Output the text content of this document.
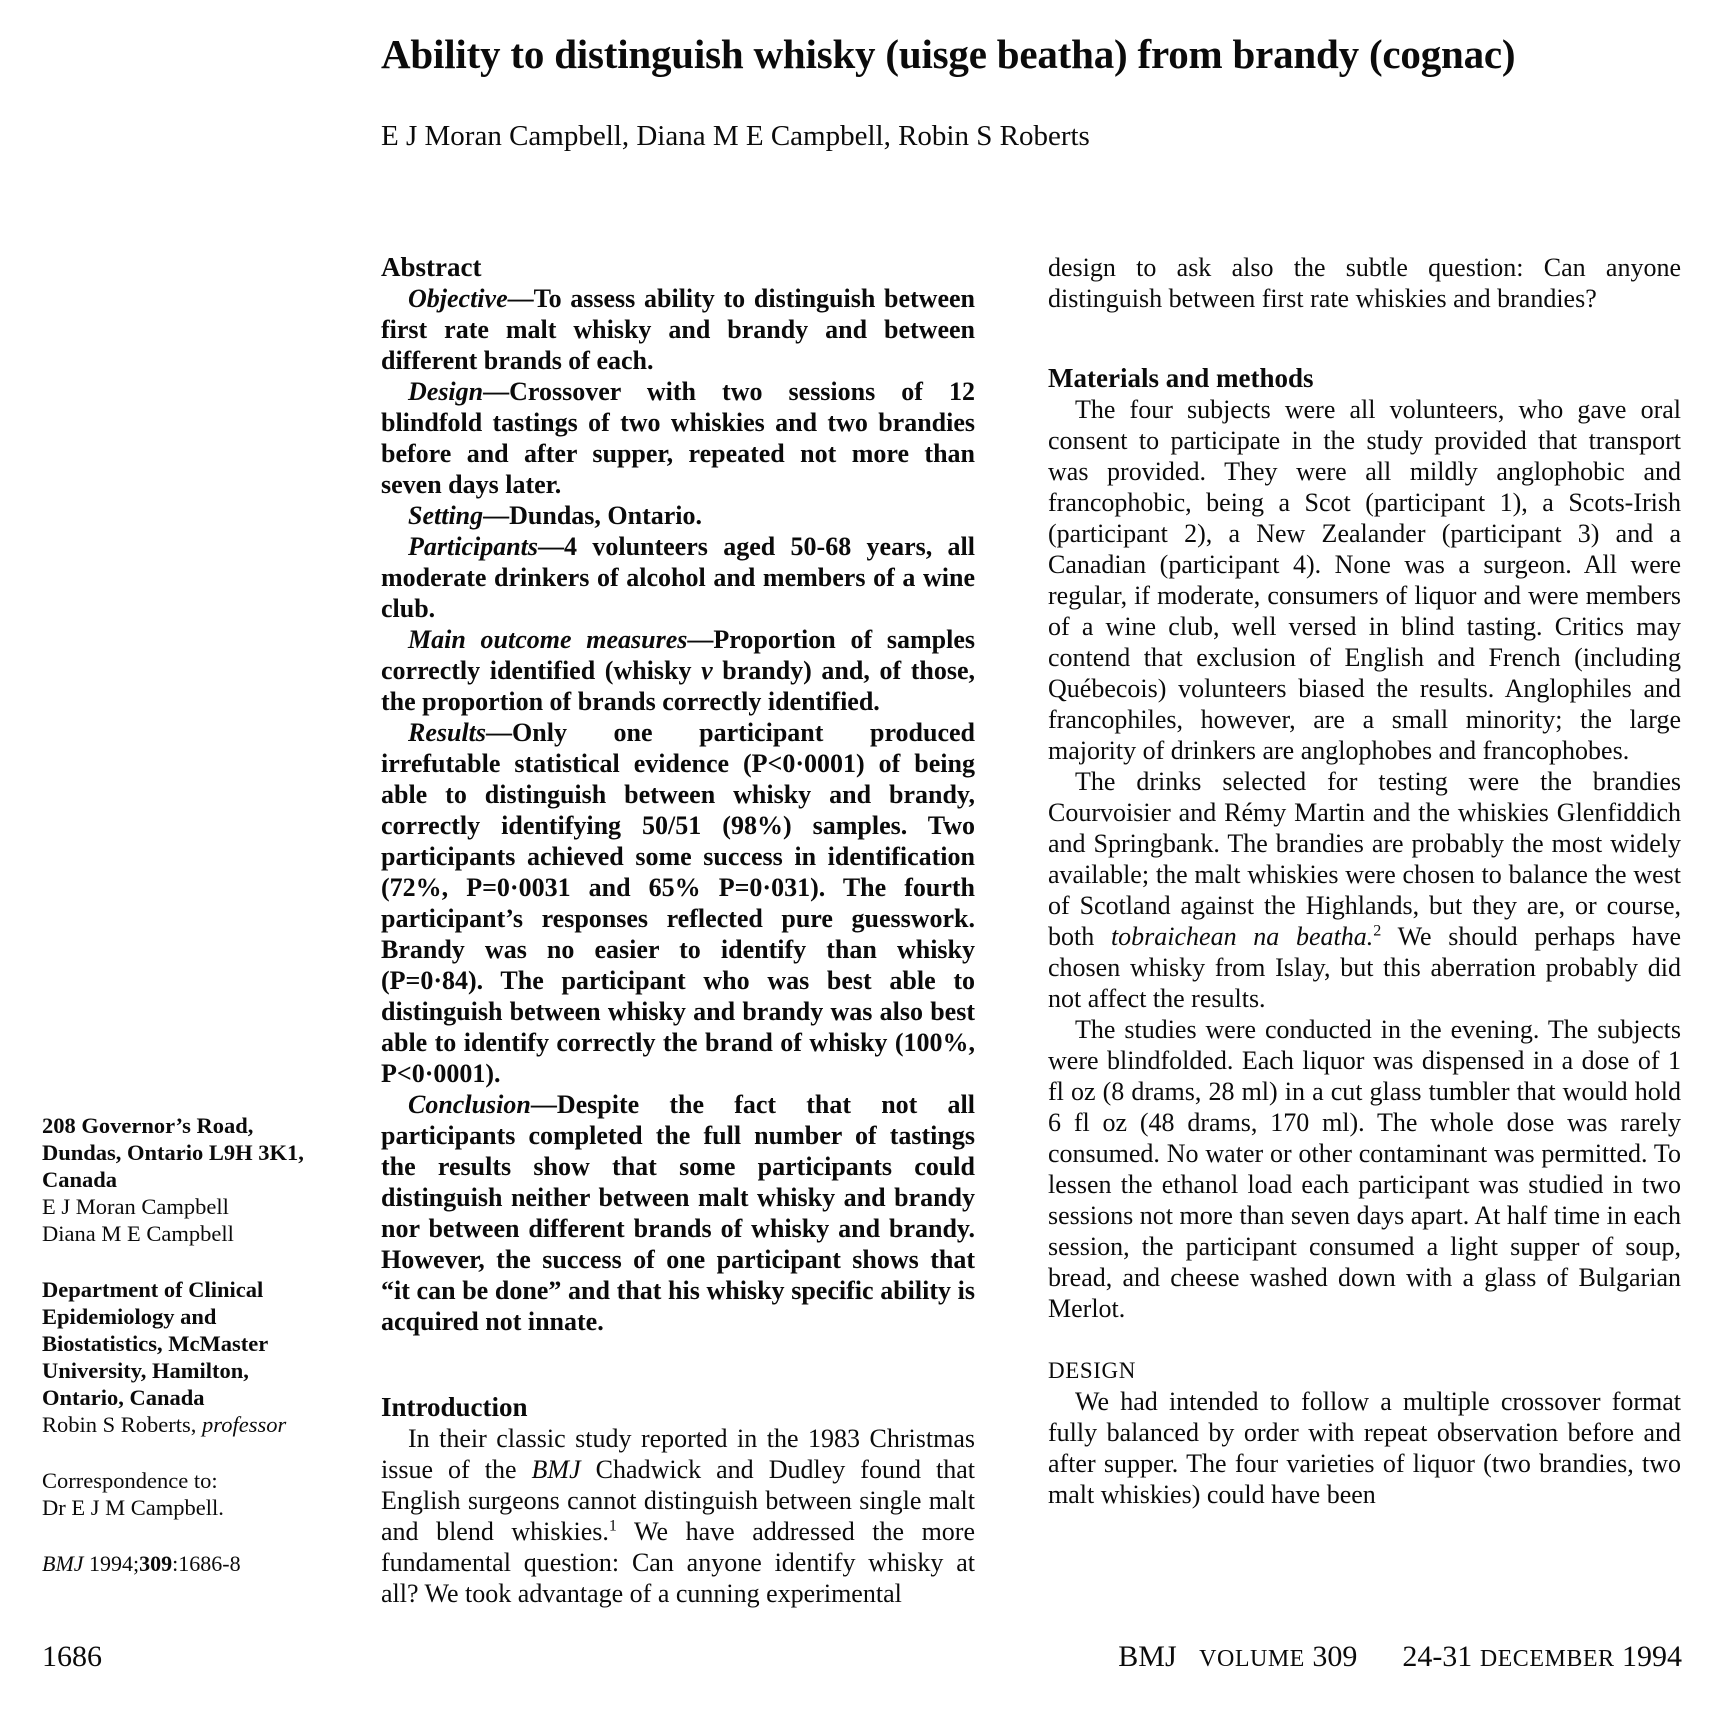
Ability to distinguish whisky (uisge beatha) from brandy (cognac)
E J Moran Campbell, Diana M E Campbell, Robin S Roberts
208 Governor’s Road,
Dundas, Ontario L9H 3K1,
Canada
E J Moran Campbell
Diana M E Campbell
Department of Clinical
Epidemiology and
Biostatistics, McMaster
University, Hamilton,
Ontario, Canada
Robin S Roberts, professor
Correspondence to:
Dr E J M Campbell.
BMJ 1994;309:1686-8
Abstract

Objective—To assess ability to distinguish between first rate malt whisky and brandy and between different brands of each.

Design—Crossover with two sessions of 12 blindfold tastings of two whiskies and two brandies before and after supper, repeated not more than seven days later.

Setting—Dundas, Ontario.

Participants—4 volunteers aged 50-68 years, all moderate drinkers of alcohol and members of a wine club.

Main outcome measures—Proportion of samples correctly identified (whisky v brandy) and, of those, the proportion of brands correctly identified.

Results—Only one participant produced irrefutable statistical evidence (P<0·0001) of being able to distinguish between whisky and brandy, correctly identifying 50/51 (98%) samples. Two participants achieved some success in identification (72%, P=0·0031 and 65% P=0·031). The fourth participant’s responses reflected pure guesswork. Brandy was no easier to identify than whisky (P=0·84). The participant who was best able to distinguish between whisky and brandy was also best able to identify correctly the brand of whisky (100%, P<0·0001).

Conclusion—Despite the fact that not all participants completed the full number of tastings the results show that some participants could distinguish neither between malt whisky and brandy nor between different brands of whisky and brandy. However, the success of one participant shows that “it can be done” and that his whisky specific ability is acquired not innate.

Introduction

In their classic study reported in the 1983 Christmas issue of the BMJ Chadwick and Dudley found that English surgeons cannot distinguish between single malt and blend whiskies.$^1$ We have addressed the more fundamental question: Can anyone identify whisky at all? We took advantage of a cunning experimental

design to ask also the subtle question: Can anyone distinguish between first rate whiskies and brandies?

Materials and methods

The four subjects were all volunteers, who gave oral consent to participate in the study provided that transport was provided. They were all mildly anglophobic and francophobic, being a Scot (participant 1), a Scots-Irish (participant 2), a New Zealander (participant 3) and a Canadian (participant 4). None was a surgeon. All were regular, if moderate, consumers of liquor and were members of a wine club, well versed in blind tasting. Critics may contend that exclusion of English and French (including Québecois) volunteers biased the results. Anglophiles and francophiles, however, are a small minority; the large majority of drinkers are anglophobes and francophobes.

The drinks selected for testing were the brandies Courvoisier and Rémy Martin and the whiskies Glenfiddich and Springbank. The brandies are probably the most widely available; the malt whiskies were chosen to balance the west of Scotland against the Highlands, but they are, or course, both tobraichean na beatha.$^2$ We should perhaps have chosen whisky from Islay, but this aberration probably did not affect the results.

The studies were conducted in the evening. The subjects were blindfolded. Each liquor was dispensed in a dose of 1 fl oz (8 drams, 28 ml) in a cut glass tumbler that would hold 6 fl oz (48 drams, 170 ml). The whole dose was rarely consumed. No water or other contaminant was permitted. To lessen the ethanol load each participant was studied in two sessions not more than seven days apart. At half time in each session, the participant consumed a light supper of soup, bread, and cheese washed down with a glass of Bulgarian Merlot.

DESIGN

We had intended to follow a multiple crossover format fully balanced by order with repeat observation before and after supper. The four varieties of liquor (two brandies, two malt whiskies) could have been

1686	BMJ   VOLUME 309      24-31 DECEMBER 1994
